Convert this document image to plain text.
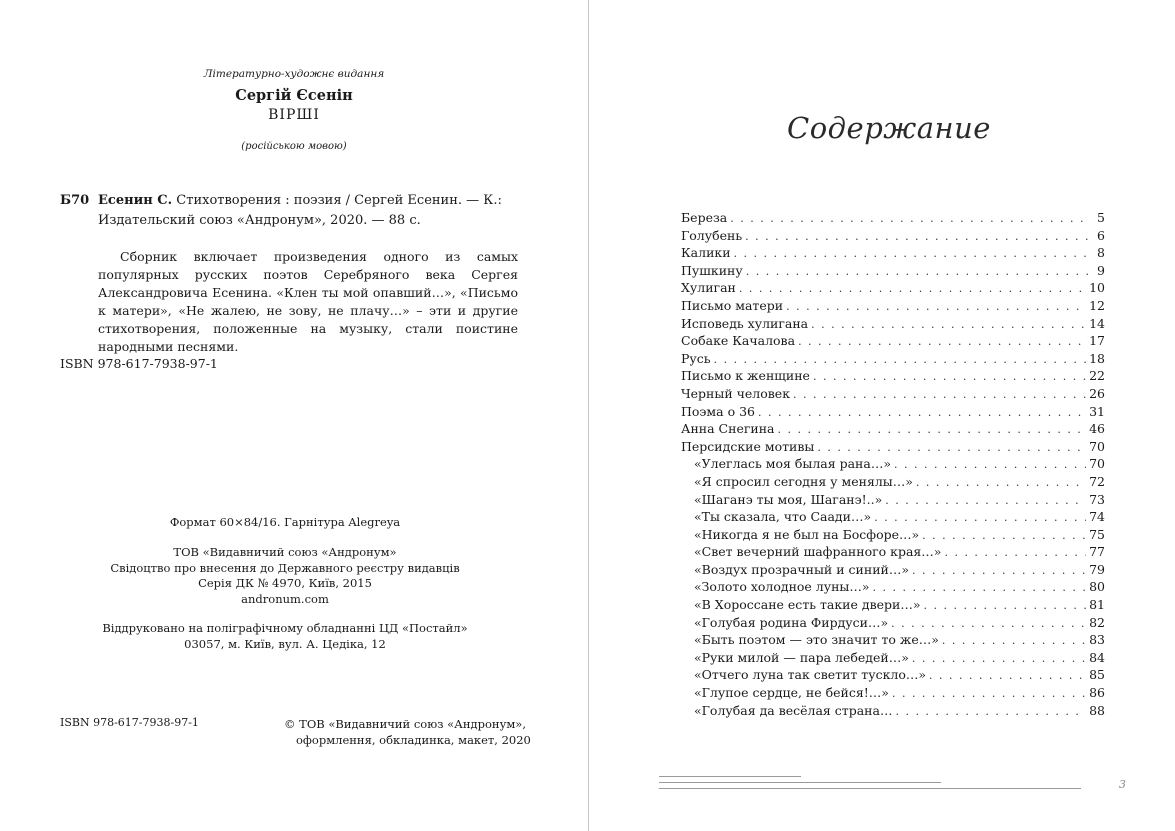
Літературно-художнє видання
Сергій Єсенін
ВІРШІ
(російською мовою)
Б70 Есенин С. Стихотворения : поэзия / Сергей Есенин. — К.: Издательский союз «Андронум», 2020. — 88 с.
Сборник включает произведения одного из самых популярных русских поэтов Серебряного века Сергея Александровича Есенина. «Клен ты мой опавший…», «Письмо к матери», «Не жалею, не зову, не плачу…» – эти и другие стихотворения, положенные на музыку, стали поистине народными песнями.
ISBN 978-617-7938-97-1
Формат 60×84/16. Гарнітура Alegreya
ТОВ «Видавничий союз «Андронум»
Свідоцтво про внесення до Державного реєстру видавців
Серія ДК № 4970, Київ, 2015
andronum.com
Віддруковано на поліграфічному обладнанні ЦД «Постайл»
03057, м. Київ, вул. А. Цедіка, 12
ISBN 978-617-7938-97-1	© ТОВ «Видавничий союз «Андронум»,
оформлення, обкладинка, макет, 2020
Содержание
Береза . . .	5
Голубень . . .	6
Калики . . .	8
Пушкину . . .	9
Хулиган . . .	10
Письмо матери . . .	12
Исповедь хулигана . . .	14
Собаке Качалова . . .	17
Русь . . .	18
Письмо к женщине . . .	22
Черный человек . . .	26
Поэма о 36 . . .	31
Анна Снегина . . .	46
Персидские мотивы . . .	70
«Улеглась моя былая рана…» . . .	70
«Я спросил сегодня у менялы…» . . .	72
«Шаганэ ты моя, Шаганэ!..» . . .	73
«Ты сказала, что Саади…» . . .	74
«Никогда я не был на Босфоре…» . . .	75
«Свет вечерний шафранного края…» . . .	77
«Воздух прозрачный и синий…» . . .	79
«Золото холодное луны…» . . .	80
«В Хороссане есть такие двери…» . . .	81
«Голубая родина Фирдуси…» . . .	82
«Быть поэтом — это значит то же…» . . .	83
«Руки милой — пара лебедей…» . . .	84
«Отчего луна так светит тускло…» . . .	85
«Глупое сердце, не бейся!…» . . .	86
«Голубая да весёлая страна… . . .	88
3
